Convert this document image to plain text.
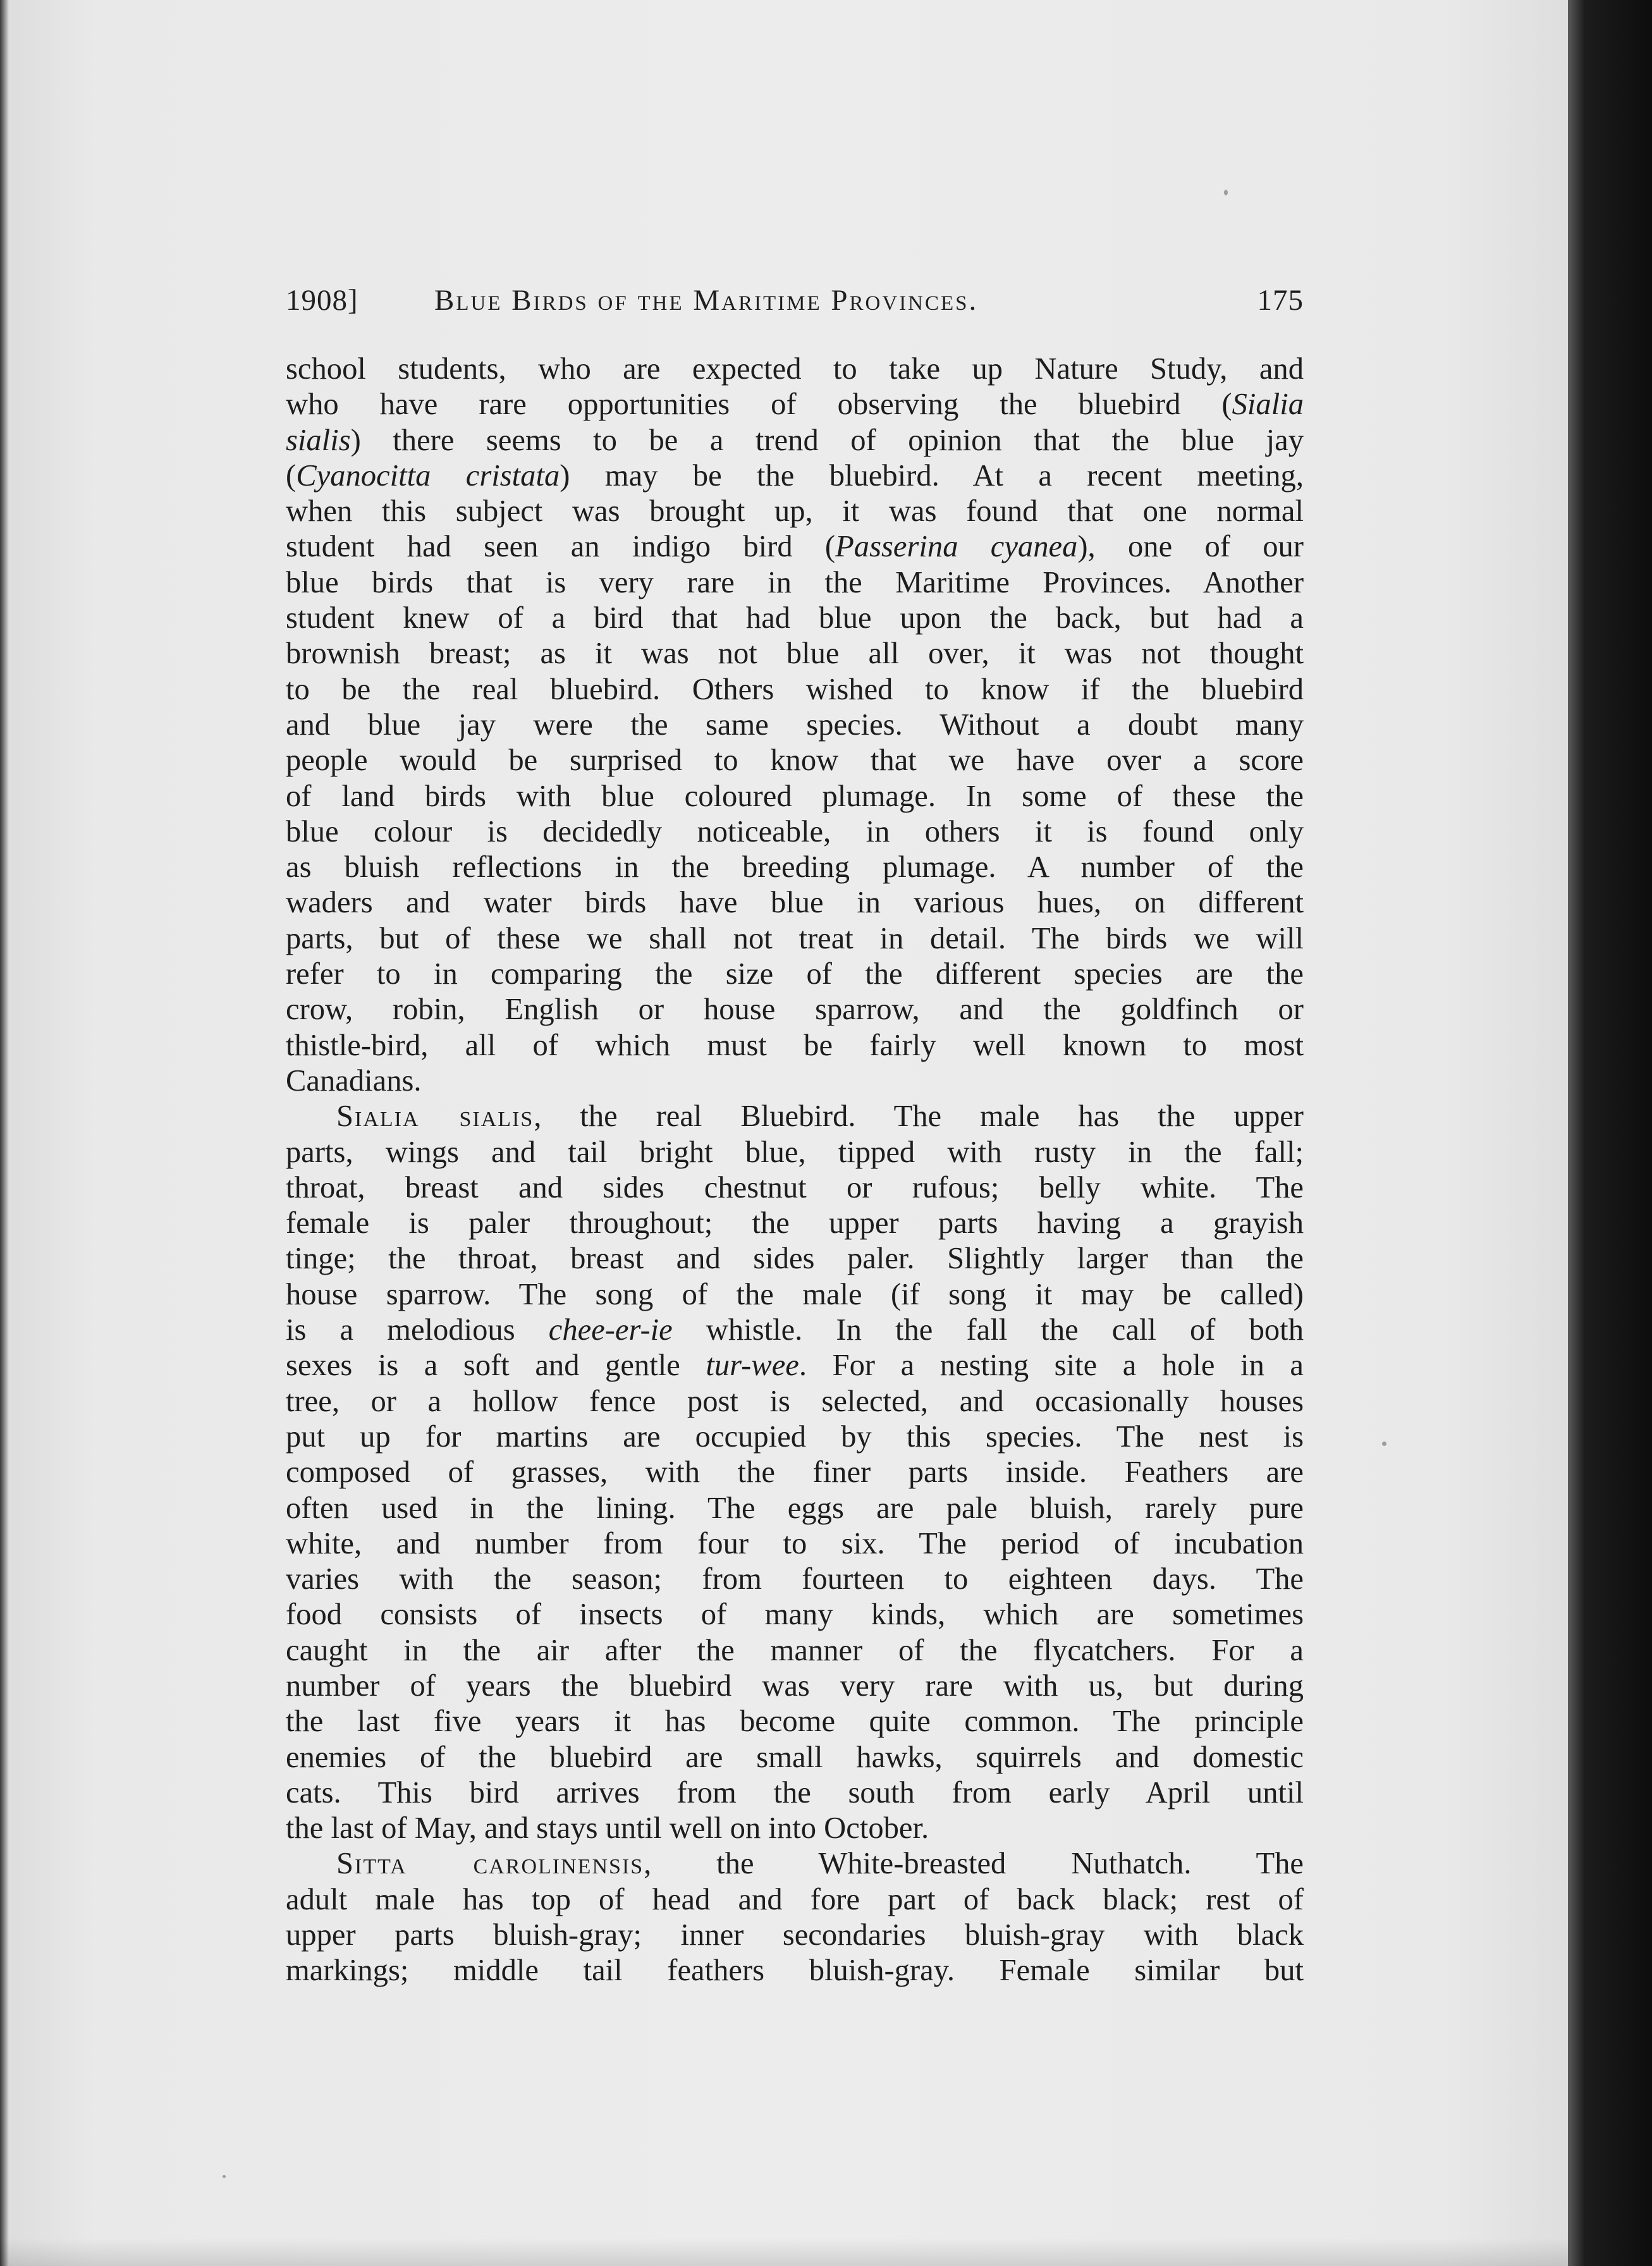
1908]	Blue Birds of the Maritime Provinces.	175
school students, who are expected to take up Nature Study, and
who have rare opportunities of observing the bluebird (Sialia
sialis) there seems to be a trend of opinion that the blue jay
(Cyanocitta cristata) may be the bluebird. At a recent meeting,
when this subject was brought up, it was found that one normal
student had seen an indigo bird (Passerina cyanea), one of our
blue birds that is very rare in the Maritime Provinces. Another
student knew of a bird that had blue upon the back, but had a
brownish breast; as it was not blue all over, it was not thought
to be the real bluebird. Others wished to know if the bluebird
and blue jay were the same species. Without a doubt many
people would be surprised to know that we have over a score
of land birds with blue coloured plumage. In some of these the
blue colour is decidedly noticeable, in others it is found only
as bluish reflections in the breeding plumage. A number of the
waders and water birds have blue in various hues, on different
parts, but of these we shall not treat in detail. The birds we will
refer to in comparing the size of the different species are the
crow, robin, English or house sparrow, and the goldfinch or
thistle-bird, all of which must be fairly well known to most
Canadians.
Sialia sialis, the real Bluebird. The male has the upper
parts, wings and tail bright blue, tipped with rusty in the fall;
throat, breast and sides chestnut or rufous; belly white. The
female is paler throughout; the upper parts having a grayish
tinge; the throat, breast and sides paler. Slightly larger than the
house sparrow. The song of the male (if song it may be called)
is a melodious chee-er-ie whistle. In the fall the call of both
sexes is a soft and gentle tur-wee. For a nesting site a hole in a
tree, or a hollow fence post is selected, and occasionally houses
put up for martins are occupied by this species. The nest is
composed of grasses, with the finer parts inside. Feathers are
often used in the lining. The eggs are pale bluish, rarely pure
white, and number from four to six. The period of incubation
varies with the season; from fourteen to eighteen days. The
food consists of insects of many kinds, which are sometimes
caught in the air after the manner of the flycatchers. For a
number of years the bluebird was very rare with us, but during
the last five years it has become quite common. The principle
enemies of the bluebird are small hawks, squirrels and domestic
cats. This bird arrives from the south from early April until
the last of May, and stays until well on into October.
Sitta carolinensis, the White-breasted Nuthatch. The
adult male has top of head and fore part of back black; rest of
upper parts bluish-gray; inner secondaries bluish-gray with black
markings; middle tail feathers bluish-gray. Female similar but
